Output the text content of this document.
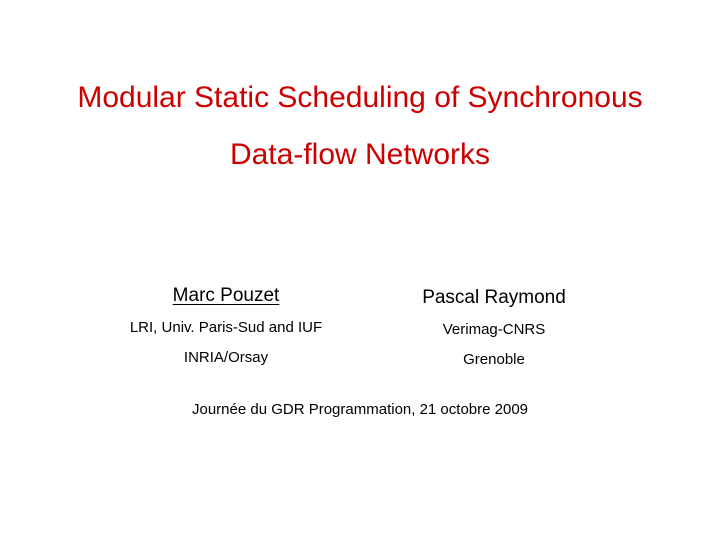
Modular Static Scheduling of Synchronous
Data-flow Networks
Marc Pouzet
LRI, Univ. Paris-Sud and IUF
INRIA/Orsay
Pascal Raymond
Verimag-CNRS
Grenoble
Journée du GDR Programmation, 21 octobre 2009
